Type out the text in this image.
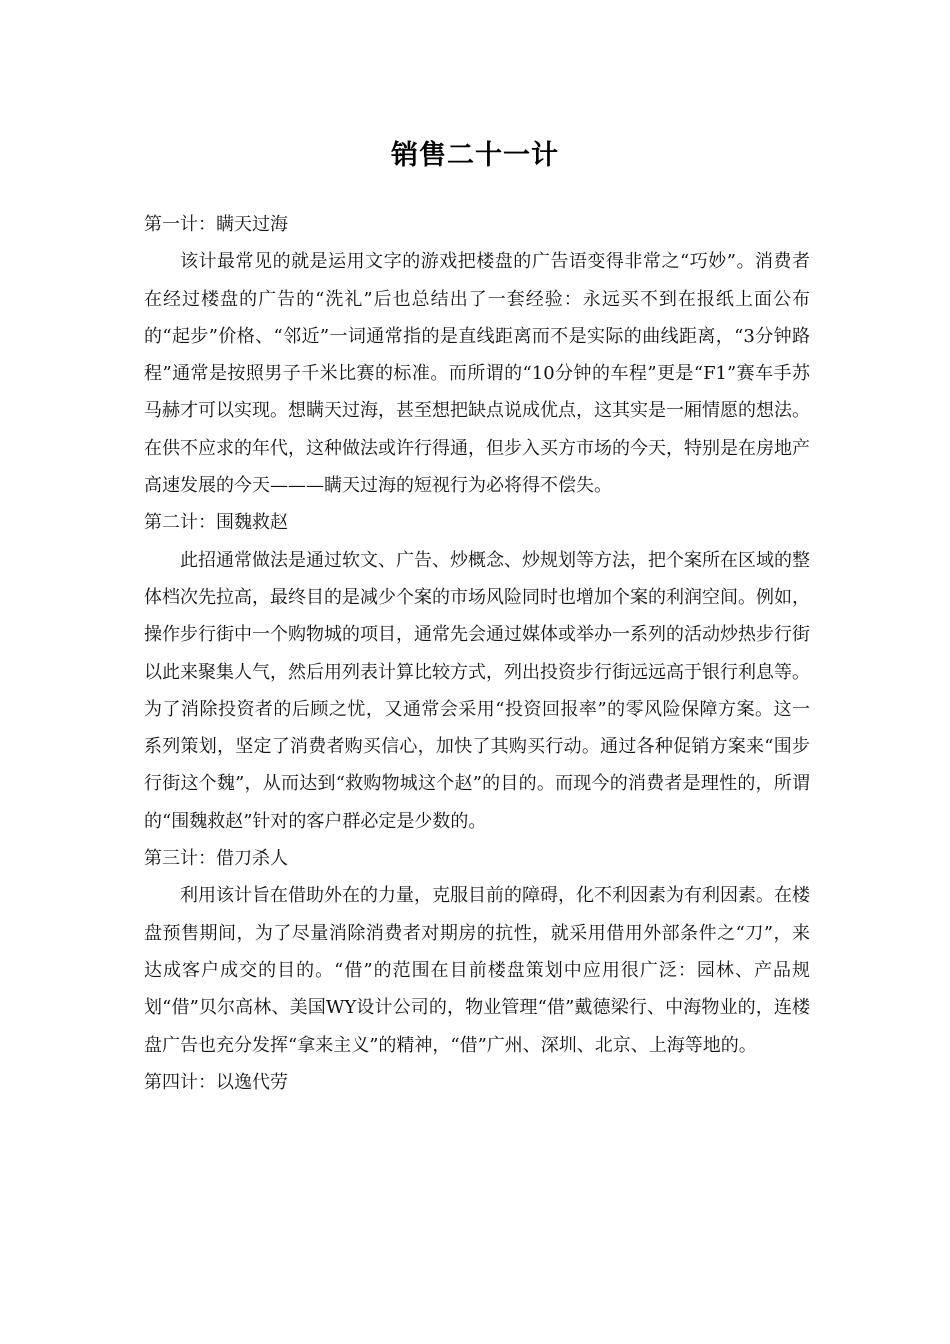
销售二十一计

第一计：瞒天过海

该计最常见的就是运用文字的游戏把楼盘的广告语变得非常之“巧妙”。消费者在经过楼盘的广告的“洗礼”后也总结出了一套经验：永远买不到在报纸上面公布的“起步”价格、“邻近”一词通常指的是直线距离而不是实际的曲线距离，“3分钟路程”通常是按照男子千米比赛的标准。而所谓的“10分钟的车程”更是“F1”赛车手苏马赫才可以实现。想瞒天过海，甚至想把缺点说成优点，这其实是一厢情愿的想法。在供不应求的年代，这种做法或许行得通，但步入买方市场的今天，特别是在房地产高速发展的今天———瞒天过海的短视行为必将得不偿失。

第二计：围魏救赵

此招通常做法是通过软文、广告、炒概念、炒规划等方法，把个案所在区域的整体档次先拉高，最终目的是减少个案的市场风险同时也增加个案的利润空间。例如，操作步行街中一个购物城的项目，通常先会通过媒体或举办一系列的活动炒热步行街以此来聚集人气，然后用列表计算比较方式，列出投资步行街远远高于银行利息等。为了消除投资者的后顾之忧，又通常会采用“投资回报率”的零风险保障方案。这一系列策划，坚定了消费者购买信心，加快了其购买行动。通过各种促销方案来“围步行街这个魏”，从而达到“救购物城这个赵”的目的。而现今的消费者是理性的，所谓的“围魏救赵”针对的客户群必定是少数的。

第三计：借刀杀人

利用该计旨在借助外在的力量，克服目前的障碍，化不利因素为有利因素。在楼盘预售期间，为了尽量消除消费者对期房的抗性，就采用借用外部条件之“刀”，来达成客户成交的目的。“借”的范围在目前楼盘策划中应用很广泛：园林、产品规划“借”贝尔高林、美国WY设计公司的，物业管理“借”戴德梁行、中海物业的，连楼盘广告也充分发挥“拿来主义”的精神，“借”广州、深圳、北京、上海等地的。

第四计：以逸代劳
